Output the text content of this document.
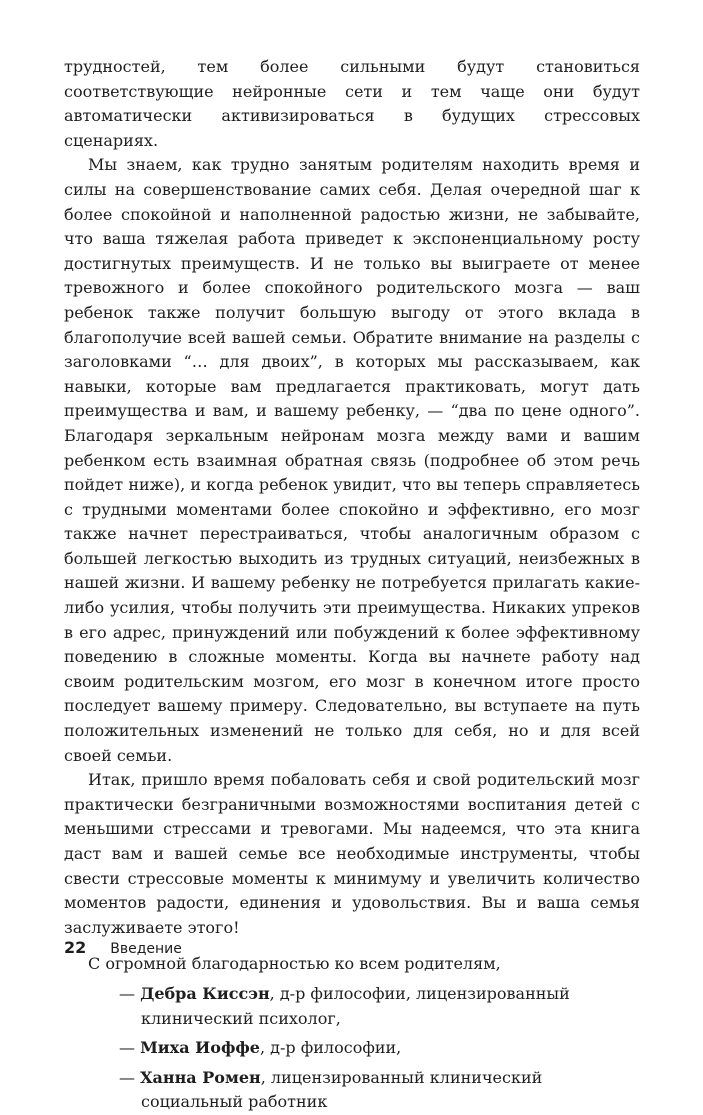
трудностей, тем более сильными будут становиться соответствующие нейронные сети и тем чаще они будут автоматически активизироваться в будущих стрессовых сценариях.

Мы знаем, как трудно занятым родителям находить время и силы на совершенствование самих себя. Делая очередной шаг к более спокойной и наполненной радостью жизни, не забывайте, что ваша тяжелая работа приведет к экспоненциальному росту достигнутых преимуществ. И не только вы выиграете от менее тревожного и более спокойного родительского мозга — ваш ребенок также получит большую выгоду от этого вклада в благополучие всей вашей семьи. Обратите внимание на разделы с заголовками “… для двоих”, в которых мы рассказываем, как навыки, которые вам предлагается практиковать, могут дать преимущества и вам, и вашему ребенку, — “два по цене одного”. Благодаря зеркальным нейронам мозга между вами и вашим ребенком есть взаимная обратная связь (подробнее об этом речь пойдет ниже), и когда ребенок увидит, что вы теперь справляетесь с трудными моментами более спокойно и эффективно, его мозг также начнет перестраиваться, чтобы аналогичным образом с большей легкостью выходить из трудных ситуаций, неизбежных в нашей жизни. И вашему ребенку не потребуется прилагать какие-либо усилия, чтобы получить эти преимущества. Никаких упреков в его адрес, принуждений или побуждений к более эффективному поведению в сложные моменты. Когда вы начнете работу над своим родительским мозгом, его мозг в конечном итоге просто последует вашему примеру. Следовательно, вы вступаете на путь положительных изменений не только для себя, но и для всей своей семьи.

Итак, пришло время побаловать себя и свой родительский мозг практически безграничными возможностями воспитания детей с меньшими стрессами и тревогами. Мы надеемся, что эта книга даст вам и вашей семье все необходимые инструменты, чтобы свести стрессовые моменты к минимуму и увеличить количество моментов радости, единения и удовольствия. Вы и ваша семья заслуживаете этого!

С огромной благодарностью ко всем родителям,

— Дебра Киссэн, д-р философии, лицензированный клинический психолог,
— Миха Иоффе, д-р философии,
— Ханна Ромен, лицензированный клинический социальный работник
22 Введение
